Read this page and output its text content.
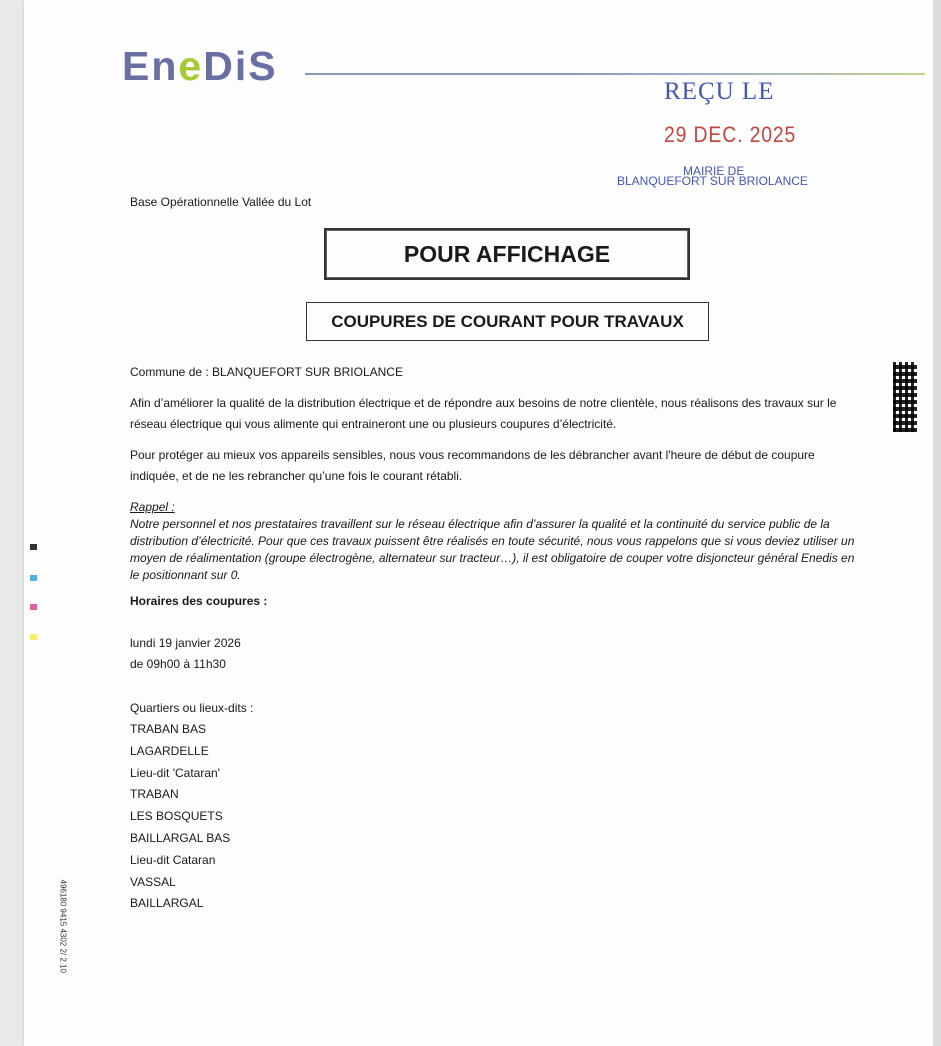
EneDiS
REÇU LE
29 DEC. 2025
MAIRIE DE
BLANQUEFORT SUR BRIOLANCE
Base Opérationnelle Vallée du Lot
POUR AFFICHAGE
COUPURES DE COURANT POUR TRAVAUX
Commune de : BLANQUEFORT SUR BRIOLANCE
Afin d’améliorer la qualité de la distribution électrique et de répondre aux besoins de notre clientèle, nous réalisons des travaux sur le réseau électrique qui vous alimente qui entraineront une ou plusieurs coupures d’électricité.
Pour protéger au mieux vos appareils sensibles, nous vous recommandons de les débrancher avant l'heure de début de coupure indiquée, et de ne les rebrancher qu’une fois le courant rétabli.
Rappel :
Notre personnel et nos prestataires travaillent sur le réseau électrique afin d’assurer la qualité et la continuité du service public de la distribution d’électricité. Pour que ces travaux puissent être réalisés en toute sécurité, nous vous rappelons que si vous deviez utiliser un moyen de réalimentation (groupe électrogène, alternateur sur tracteur…), il est obligatoire de couper votre disjoncteur général Enedis en le positionnant sur 0.
Horaires des coupures :
lundi 19 janvier 2026
de 09h00 à 11h30
Quartiers ou lieux-dits :
TRABAN BAS
LAGARDELLE
Lieu-dit 'Cataran'
TRABAN
LES BOSQUETS
BAILLARGAL BAS
Lieu-dit Cataran
VASSAL
BAILLARGAL
496180 9415 4302 2/ 2 10
